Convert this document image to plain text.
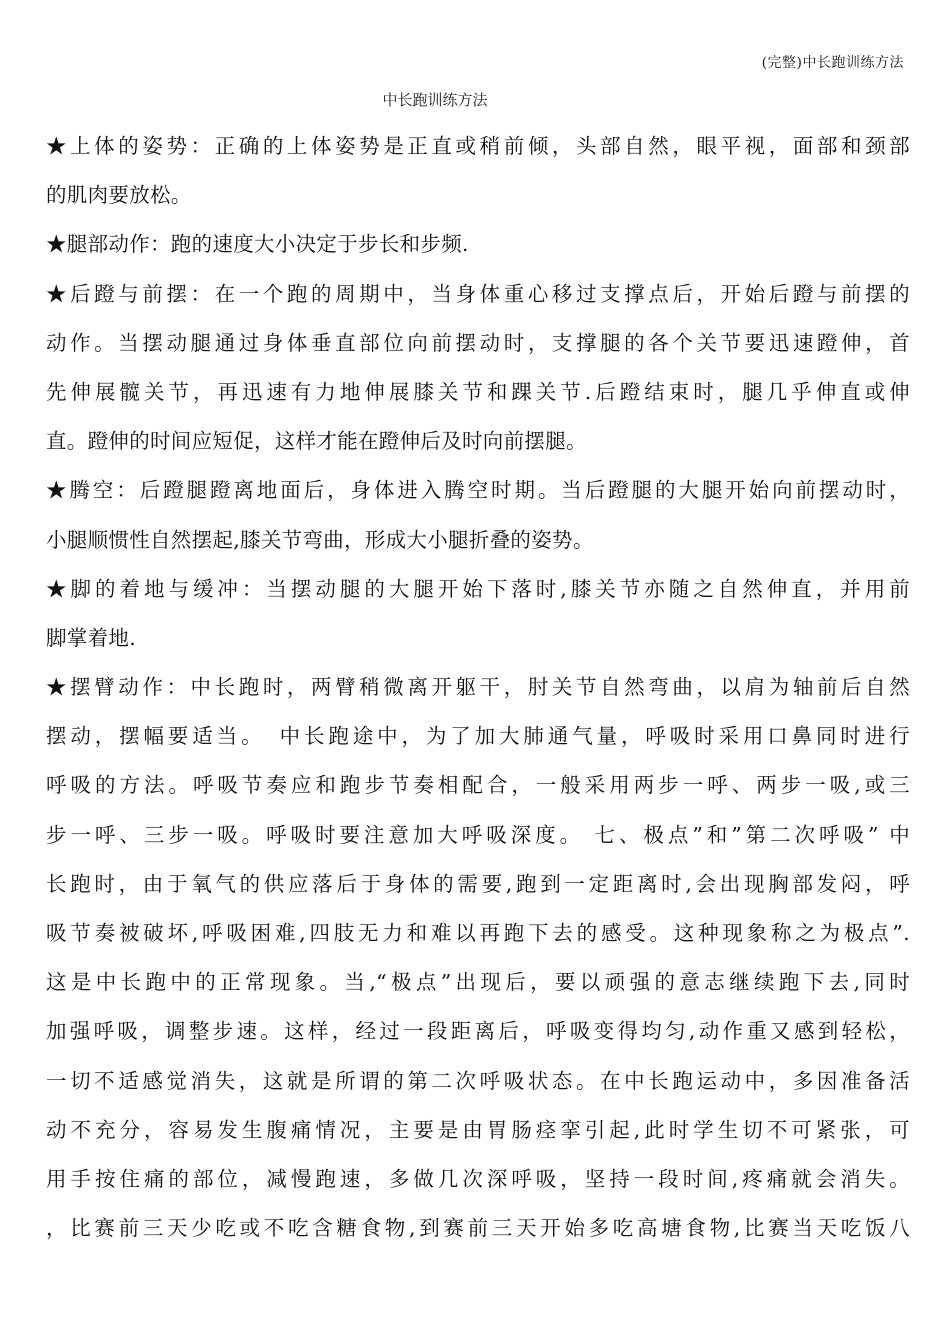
(完整)中长跑训练方法
中长跑训练方法
★上体的姿势：正确的上体姿势是正直或稍前倾，头部自然，眼平视，面部和颈部
的肌肉要放松。
★腿部动作：跑的速度大小决定于步长和步频.
★后蹬与前摆：在一个跑的周期中，当身体重心移过支撑点后，开始后蹬与前摆的
动作。当摆动腿通过身体垂直部位向前摆动时，支撑腿的各个关节要迅速蹬伸，首
先伸展髋关节，再迅速有力地伸展膝关节和踝关节.后蹬结束时，腿几乎伸直或伸
直。蹬伸的时间应短促，这样才能在蹬伸后及时向前摆腿。
★腾空：后蹬腿蹬离地面后，身体进入腾空时期。当后蹬腿的大腿开始向前摆动时，
小腿顺惯性自然摆起,膝关节弯曲，形成大小腿折叠的姿势。
★脚的着地与缓冲：当摆动腿的大腿开始下落时,膝关节亦随之自然伸直，并用前
脚掌着地.
★摆臂动作：中长跑时，两臂稍微离开躯干，肘关节自然弯曲，以肩为轴前后自然
摆动，摆幅要适当。　中长跑途中，为了加大肺通气量，呼吸时采用口鼻同时进行
呼吸的方法。呼吸节奏应和跑步节奏相配合，一般采用两步一呼、两步一吸,或三
步一呼、三步一吸。呼吸时要注意加大呼吸深度。 七、极点”和”第二次呼吸” 中
长跑时，由于氧气的供应落后于身体的需要,跑到一定距离时,会出现胸部发闷，呼
吸节奏被破坏,呼吸困难,四肢无力和难以再跑下去的感受。这种现象称之为极点”.
这是中长跑中的正常现象。当,“极点”出现后，要以顽强的意志继续跑下去,同时
加强呼吸，调整步速。这样，经过一段距离后，呼吸变得均匀,动作重又感到轻松，
一切不适感觉消失，这就是所谓的第二次呼吸状态。在中长跑运动中，多因准备活
动不充分，容易发生腹痛情况，主要是由胃肠痉挛引起,此时学生切不可紧张，可
用手按住痛的部位，减慢跑速，多做几次深呼吸，坚持一段时间,疼痛就会消失。
，比赛前三天少吃或不吃含糖食物,到赛前三天开始多吃高塘食物,比赛当天吃饭八
